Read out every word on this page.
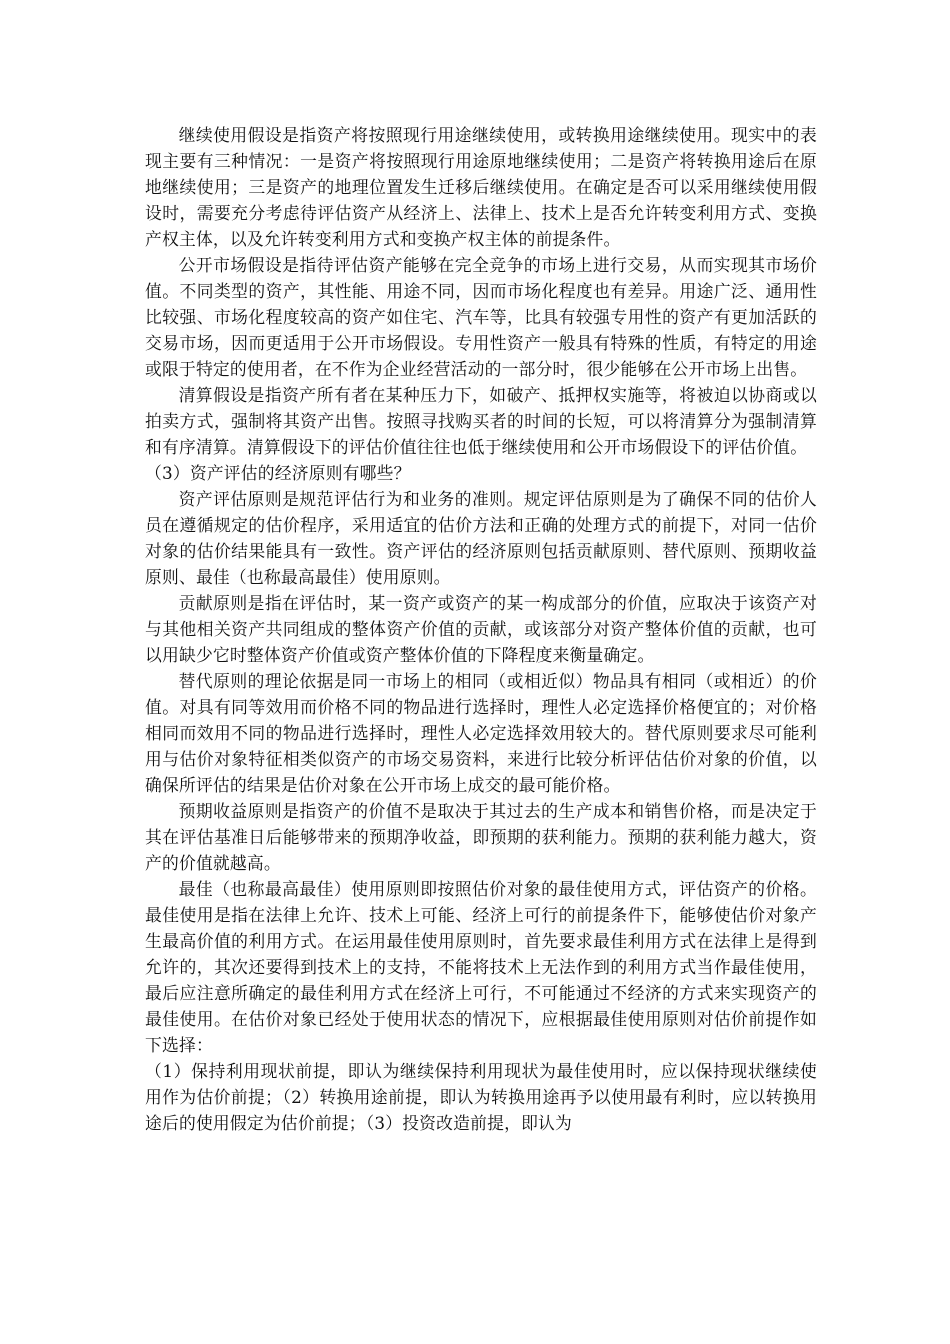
继续使用假设是指资产将按照现行用途继续使用，或转换用途继续使用。现实中的表现主要有三种情况：一是资产将按照现行用途原地继续使用；二是资产将转换用途后在原地继续使用；三是资产的地理位置发生迁移后继续使用。在确定是否可以采用继续使用假设时，需要充分考虑待评估资产从经济上、法律上、技术上是否允许转变利用方式、变换产权主体，以及允许转变利用方式和变换产权主体的前提条件。

公开市场假设是指待评估资产能够在完全竞争的市场上进行交易，从而实现其市场价值。不同类型的资产，其性能、用途不同，因而市场化程度也有差异。用途广泛、通用性比较强、市场化程度较高的资产如住宅、汽车等，比具有较强专用性的资产有更加活跃的交易市场，因而更适用于公开市场假设。专用性资产一般具有特殊的性质，有特定的用途或限于特定的使用者，在不作为企业经营活动的一部分时，很少能够在公开市场上出售。

清算假设是指资产所有者在某种压力下，如破产、抵押权实施等，将被迫以协商或以拍卖方式，强制将其资产出售。按照寻找购买者的时间的长短，可以将清算分为强制清算和有序清算。清算假设下的评估价值往往也低于继续使用和公开市场假设下的评估价值。

（3）资产评估的经济原则有哪些？

资产评估原则是规范评估行为和业务的准则。规定评估原则是为了确保不同的估价人员在遵循规定的估价程序，采用适宜的估价方法和正确的处理方式的前提下，对同一估价对象的估价结果能具有一致性。资产评估的经济原则包括贡献原则、替代原则、预期收益原则、最佳（也称最高最佳）使用原则。

贡献原则是指在评估时，某一资产或资产的某一构成部分的价值，应取决于该资产对与其他相关资产共同组成的整体资产价值的贡献，或该部分对资产整体价值的贡献，也可以用缺少它时整体资产价值或资产整体价值的下降程度来衡量确定。

替代原则的理论依据是同一市场上的相同（或相近似）物品具有相同（或相近）的价值。对具有同等效用而价格不同的物品进行选择时，理性人必定选择价格便宜的；对价格相同而效用不同的物品进行选择时，理性人必定选择效用较大的。替代原则要求尽可能利用与估价对象特征相类似资产的市场交易资料，来进行比较分析评估估价对象的价值，以确保所评估的结果是估价对象在公开市场上成交的最可能价格。

预期收益原则是指资产的价值不是取决于其过去的生产成本和销售价格，而是决定于其在评估基准日后能够带来的预期净收益，即预期的获利能力。预期的获利能力越大，资产的价值就越高。

最佳（也称最高最佳）使用原则即按照估价对象的最佳使用方式，评估资产的价格。最佳使用是指在法律上允许、技术上可能、经济上可行的前提条件下，能够使估价对象产生最高价值的利用方式。在运用最佳使用原则时，首先要求最佳利用方式在法律上是得到允许的，其次还要得到技术上的支持，不能将技术上无法作到的利用方式当作最佳使用，最后应注意所确定的最佳利用方式在经济上可行，不可能通过不经济的方式来实现资产的最佳使用。在估价对象已经处于使用状态的情况下，应根据最佳使用原则对估价前提作如下选择：

（1）保持利用现状前提，即认为继续保持利用现状为最佳使用时，应以保持现状继续使用作为估价前提；（2）转换用途前提，即认为转换用途再予以使用最有利时，应以转换用途后的使用假定为估价前提；（3）投资改造前提，即认为
